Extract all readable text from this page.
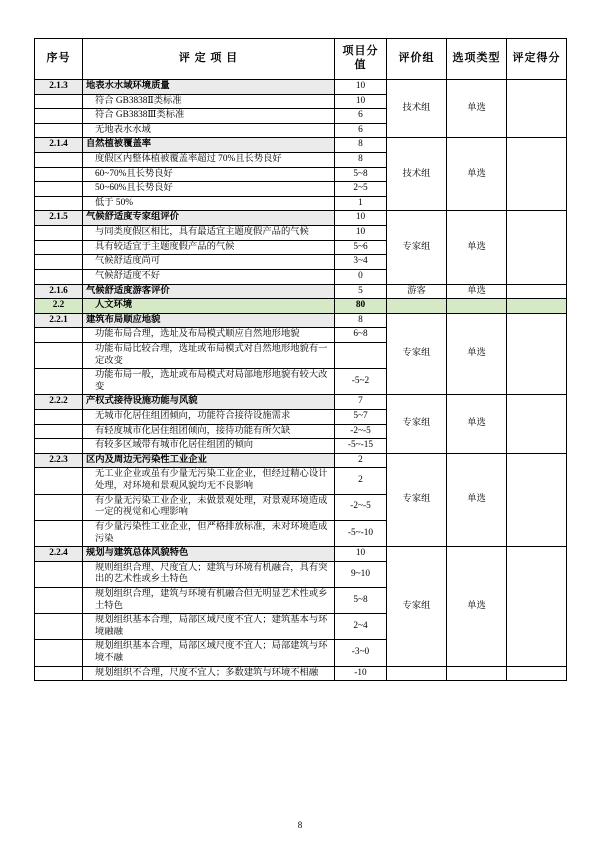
序号	评 定 项 目	项目分值	评价组	选项类型	评定得分
2.1.3	地表水水域环境质量	10	技术组	单选	
	符合 GB3838Ⅱ类标准	10			
	符合 GB3838Ⅲ类标准	6			
	无地表水水域	6			
2.1.4	自然植被覆盖率	8	技术组	单选	
	度假区内整体植被覆盖率超过 70%且长势良好	8			
	60~70%且长势良好	5~8			
	50~60%且长势良好	2~5			
	低于 50%	1			
2.1.5	气候舒适度专家组评价	10	专家组	单选	
	与同类度假区相比，具有最适宜主题度假产品的气候	10			
	具有较适宜于主题度假产品的气候	5~6			
	气候舒适度尚可	3~4			
	气候舒适度不好	0			
2.1.6	气候舒适度游客评价	5	游客	单选	
2.2	人文环境	80			
2.2.1	建筑布局顺应地貌	8	专家组	单选	
	功能布局合理，选址及布局模式顺应自然地形地貌	6~8			
	功能布局比较合理，选址或布局模式对自然地形地貌有一定改变				
	功能布局一般，选址或布局模式对局部地形地貌有较大改变	-5~2			
2.2.2	产权式接待设施功能与风貌	7	专家组	单选	
	无城市化居住组团倾向，功能符合接待设施需求	5~7			
	有轻度城市化居住组团倾向，接待功能有所欠缺	-2~-5			
	有较多区域带有城市化居住组团的倾向	-5~-15			
2.2.3	区内及周边无污染性工业企业	2	专家组	单选	
	无工业企业或虽有少量无污染工业企业，但经过精心设计处理，对环境和景观风貌均无不良影响	2			
	有少量无污染工业企业，未做景观处理，对景观环境造成一定的视觉和心理影响	-2~-5			
	有少量污染性工业企业，但严格排放标准，未对环境造成污染	-5~-10			
2.2.4	规划与建筑总体风貌特色	10	专家组	单选	
	规则组织合理、尺度宜人；建筑与环境有机融合，具有突出的艺术性或乡土特色	9~10			
	规划组织合理，建筑与环境有机融合但无明显艺术性或乡土特色	5~8			
	规划组织基本合理，局部区域尺度不宜人；建筑基本与环境融融	2~4			
	规划组织基本合理，局部区域尺度不宜人；局部建筑与环境不融	-3~0			
	规划组织不合理，尺度不宜人；多数建筑与环境不相融	-10			
8
